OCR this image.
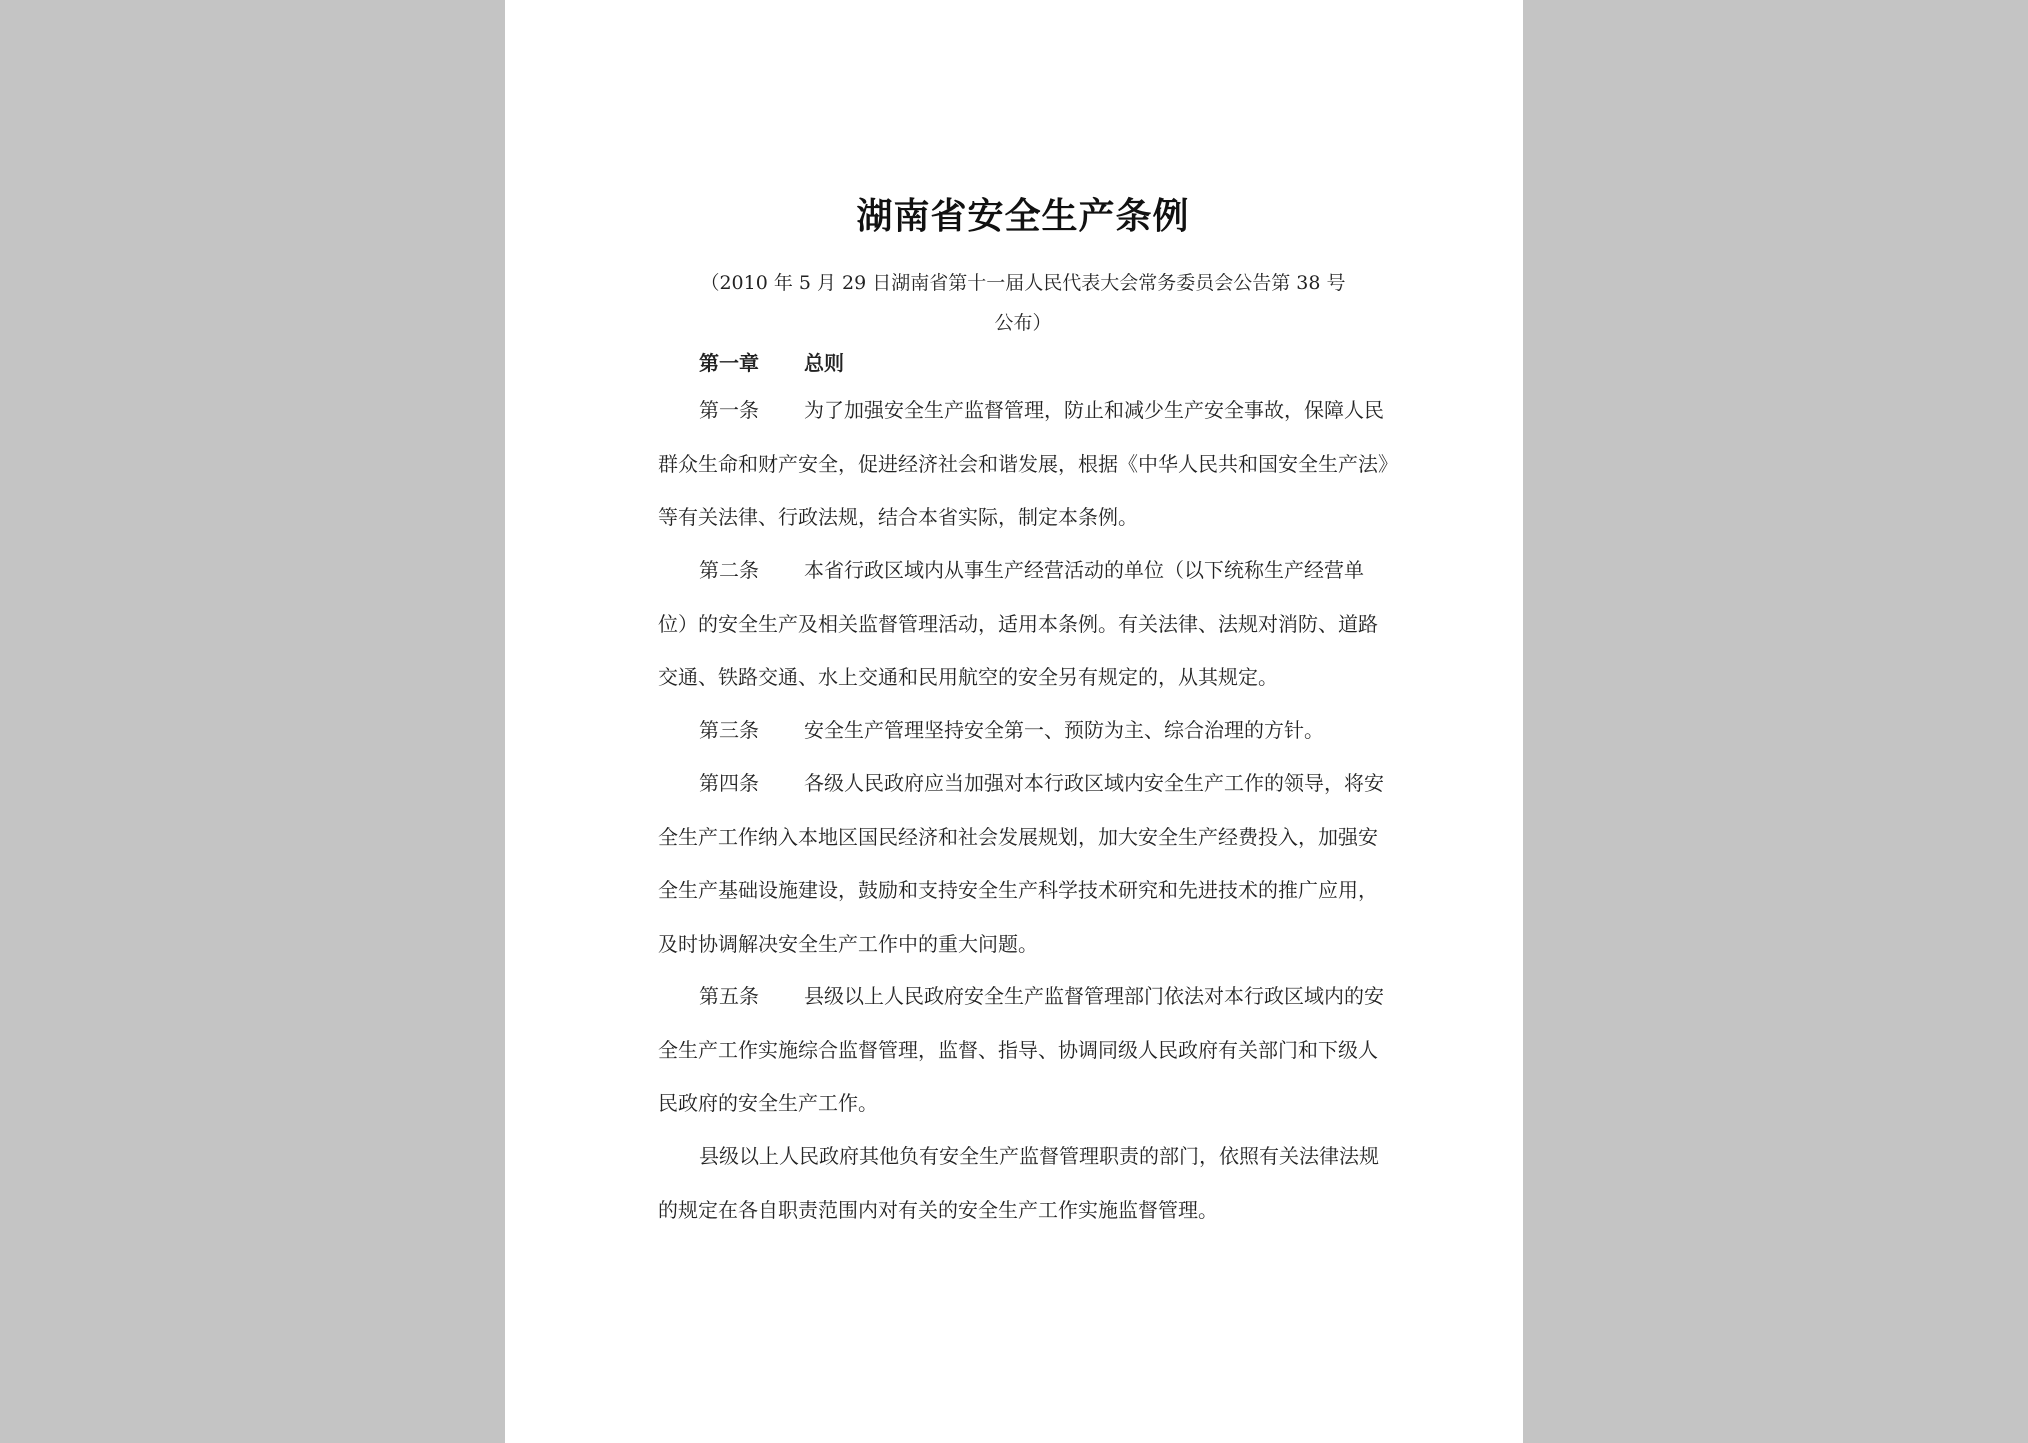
湖南省安全生产条例
（2010 年 5 月 29 日湖南省第十一届人民代表大会常务委员会公告第 38 号公布）

第一章 总则

第一条 为了加强安全生产监督管理，防止和减少生产安全事故，保障人民群众生命和财产安全，促进经济社会和谐发展，根据《中华人民共和国安全生产法》等有关法律、行政法规，结合本省实际，制定本条例。

第二条 本省行政区域内从事生产经营活动的单位（以下统称生产经营单位）的安全生产及相关监督管理活动，适用本条例。有关法律、法规对消防、道路交通、铁路交通、水上交通和民用航空的安全另有规定的，从其规定。

第三条 安全生产管理坚持安全第一、预防为主、综合治理的方针。

第四条 各级人民政府应当加强对本行政区域内安全生产工作的领导，将安全生产工作纳入本地区国民经济和社会发展规划，加大安全生产经费投入，加强安全生产基础设施建设，鼓励和支持安全生产科学技术研究和先进技术的推广应用，及时协调解决安全生产工作中的重大问题。

第五条 县级以上人民政府安全生产监督管理部门依法对本行政区域内的安全生产工作实施综合监督管理，监督、指导、协调同级人民政府有关部门和下级人民政府的安全生产工作。

县级以上人民政府其他负有安全生产监督管理职责的部门，依照有关法律法规的规定在各自职责范围内对有关的安全生产工作实施监督管理。
